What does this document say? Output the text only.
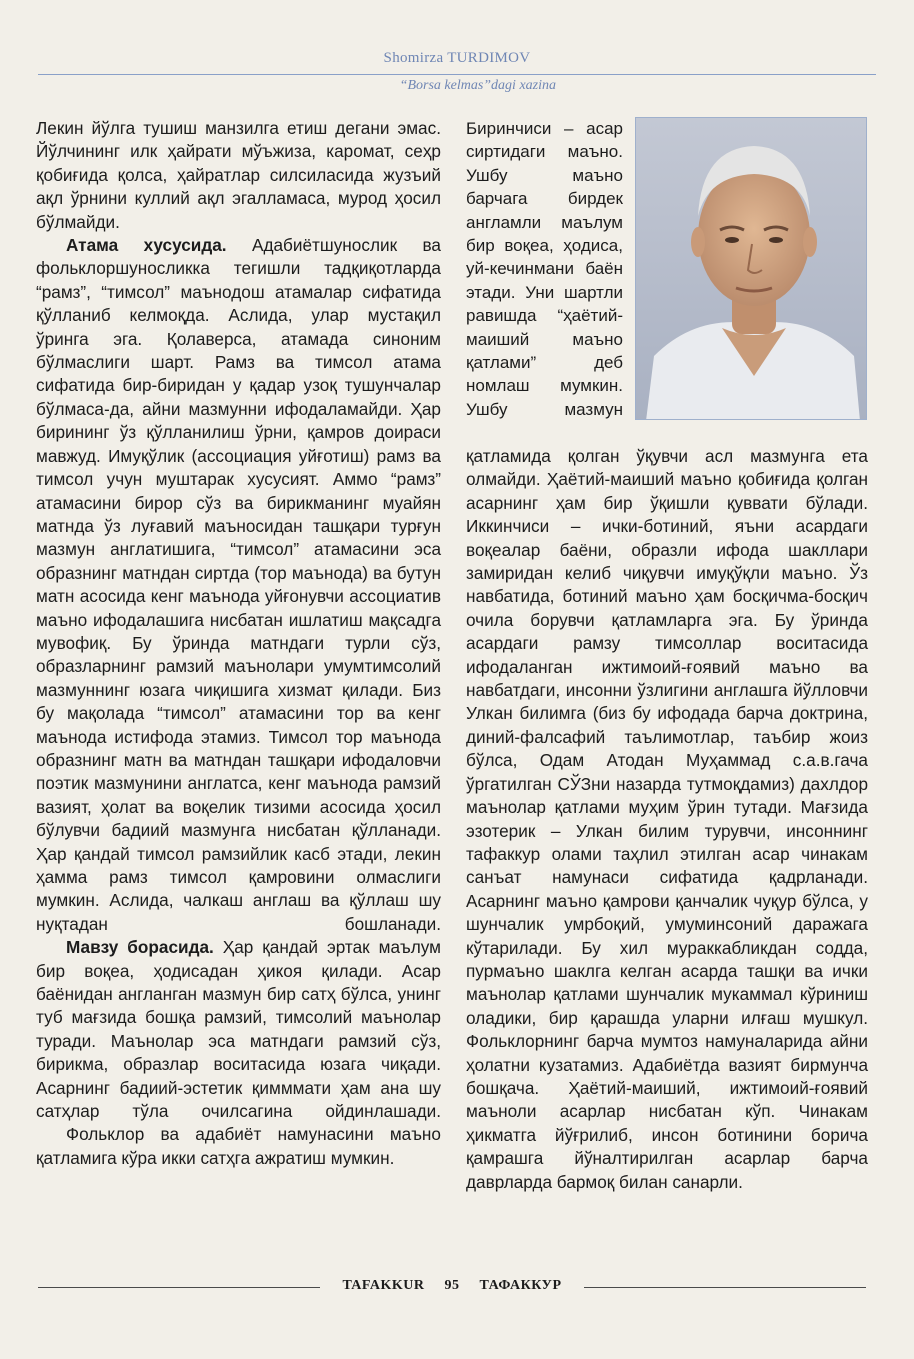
Shomirza TURDIMOV
“Borsa kelmas”dagi xazina

Лекин йўлга тушиш манзилга етиш дегани эмас. Йўлчининг илк ҳайрати мўъжиза, каромат, сеҳр қобиғида қолса, ҳайратлар силсиласида жузъий ақл ўрнини куллий ақл эгалламаса, мурод ҳосил бўлмайди.

Атама хусусида. Адабиётшунослик ва фольклоршуносликка тегишли тадқиқотларда “рамз”, “тимсол” маънодош атамалар сифатида қўлланиб келмоқда. Аслида, улар мустақил ўринга эга. Қолаверса, атамада синоним бўлмаслиги шарт. Рамз ва тимсол атама сифатида бир-биридан у қадар узоқ тушунчалар бўлмаса-да, айни мазмунни ифодаламайди. Ҳар бирининг ўз қўлланилиш ўрни, қамров доираси мавжуд. Имуқўлик (ассоциация уйғотиш) рамз ва тимсол учун муштарак хусусият. Аммо “рамз” атамасини бирор сўз ва бирикманинг муайян матнда ўз луғавий маъносидан ташқари турғун мазмун англатишига, “тимсол” атамасини эса образнинг матндан сиртда (тор маънода) ва бутун матн асосида кенг маънода уйғонувчи ассоциатив маъно ифодалашига нисбатан ишлатиш мақсадга мувофиқ. Бу ўринда матндаги турли сўз, образларнинг рамзий маънолари умумтимсолий мазмуннинг юзага чиқишига хизмат қилади. Биз бу мақолада “тимсол” атамасини тор ва кенг маънода истифода этамиз. Тимсол тор маънода образнинг матн ва матндан ташқари ифодаловчи поэтик мазмунини англатса, кенг маънода рамзий вазият, ҳолат ва воқелик тизими асосида ҳосил бўлувчи бадиий мазмунга нисбатан қўлланади. Ҳар қандай тимсол рамзийлик касб этади, лекин ҳамма рамз тимсол қамровини олмаслиги мумкин. Аслида, чалкаш англаш ва қўллаш шу нуқтадан бошланади.

Мавзу борасида. Ҳар қандай эртак маълум бир воқеа, ҳодисадан ҳикоя қилади. Асар баёнидан англанган мазмун бир сатҳ бўлса, унинг туб мағзида бошқа рамзий, тимсолий маънолар туради. Маънолар эса матндаги рамзий сўз, бирикма, образлар воситасида юзага чиқади. Асарнинг бадиий-эстетик қимммати ҳам ана шу сатҳлар тўла очилсагина ойдинлашади.

Фольклор ва адабиёт намунасини маъно қатламига кўра икки сатҳга ажратиш мумкин.

Биринчиси – асар сиртидаги маъно. Ушбу маъно барчага бирдек англамли маълум бир воқеа, ҳодиса, уй-кечинмани баён этади. Уни шартли равишда “ҳаётий-маиший маъно қатлами” деб номлаш мумкин. Ушбу мазмун

қатламида қолган ўқувчи асл мазмунга ета олмайди. Ҳаётий-маиший маъно қобиғида қолган асарнинг ҳам бир ўқишли қуввати бўлади. Иккинчиси – ички-ботиний, яъни асардаги воқеалар баёни, образли ифода шакллари замиридан келиб чиқувчи имуқўқли маъно. Ўз навбатида, ботиний маъно ҳам босқичма-босқич очила борувчи қатламларга эга. Бу ўринда асардаги рамзу тимсоллар воситасида ифодаланган ижтимоий-ғоявий маъно ва навбатдаги, инсонни ўзлигини англашга йўлловчи Улкан билимга (биз бу ифодада барча доктрина, диний-фалсафий таълимотлар, таъбир жоиз бўлса, Одам Атодан Муҳаммад с.а.в.гача ўргатилган СЎЗни назарда тутмоқдамиз) дахлдор маънолар қатлами муҳим ўрин тутади. Мағзида эзотерик – Улкан билим турувчи, инсоннинг тафаккур олами таҳлил этилган асар чинакам санъат намунаси сифатида қадрланади. Асарнинг маъно қамрови қанчалик чуқур бўлса, у шунчалик умрбоқий, умуминсоний даражага кўтарилади. Бу хил мураккабликдан содда, пурмаъно шаклга келган асарда ташқи ва ички маънолар қатлами шунчалик мукаммал кўриниш оладики, бир қарашда уларни илғаш мушкул. Фольклорнинг барча мумтоз намуналарида айни ҳолатни кузатамиз. Адабиётда вазият бирмунча бошқача. Ҳаётий-маиший, ижтимоий-ғоявий маъноли асарлар нисбатан кўп. Чинакам ҳикматга йўғрилиб, инсон ботинини борича қамрашга йўналтирилган асарлар барча даврларда бармоқ билан санарли.

TAFAKKUR 95 ТАФАККУР
